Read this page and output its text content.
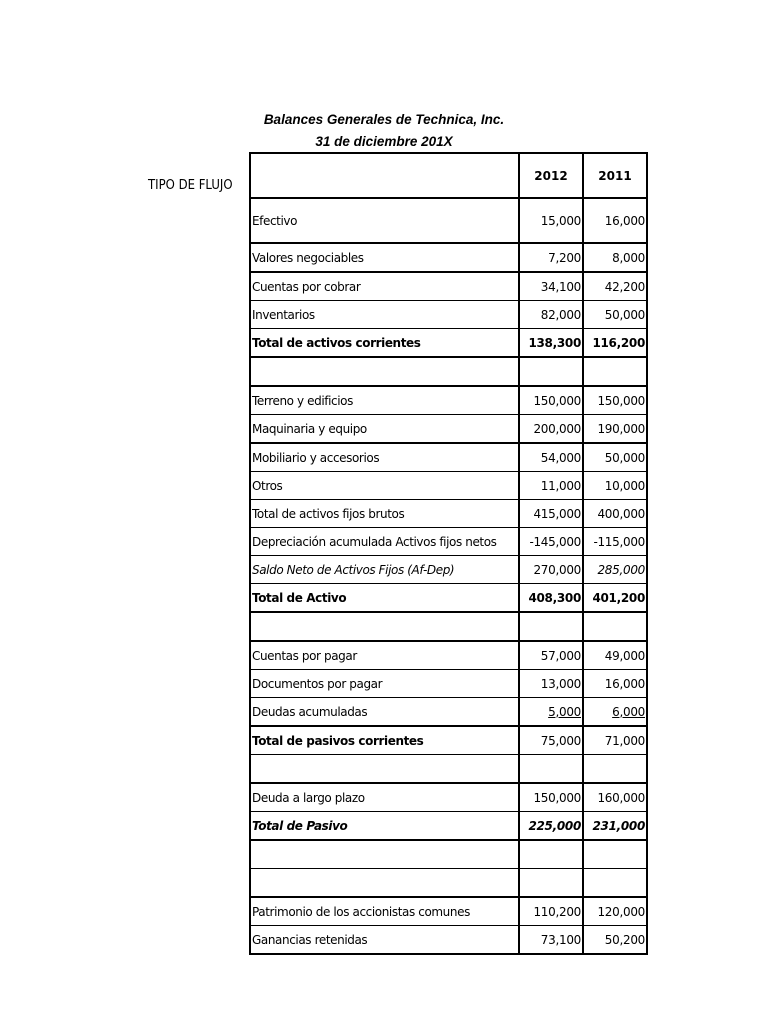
Balances Generales de Technica, Inc.
31 de diciembre 201X
TIPO DE FLUJO
	2012	2011
Efectivo	15,000	16,000
Valores negociables	7,200	8,000
Cuentas por cobrar	34,100	42,200
Inventarios	82,000	50,000
Total de activos corrientes	138,300	116,200

Terreno y edificios	150,000	150,000
Maquinaria y equipo	200,000	190,000
Mobiliario y accesorios	54,000	50,000
Otros	11,000	10,000
Total de activos fijos brutos	415,000	400,000
Depreciación acumulada Activos fijos netos	-145,000	-115,000
Saldo Neto de Activos Fijos (Af-Dep)	270,000	285,000
Total de Activo	408,300	401,200

Cuentas por pagar	57,000	49,000
Documentos por pagar	13,000	16,000
Deudas acumuladas	5,000	6,000
Total de pasivos corrientes	75,000	71,000

Deuda a largo plazo	150,000	160,000
Total de Pasivo	225,000	231,000

Patrimonio de los accionistas comunes	110,200	120,000
Ganancias retenidas	73,100	50,200
